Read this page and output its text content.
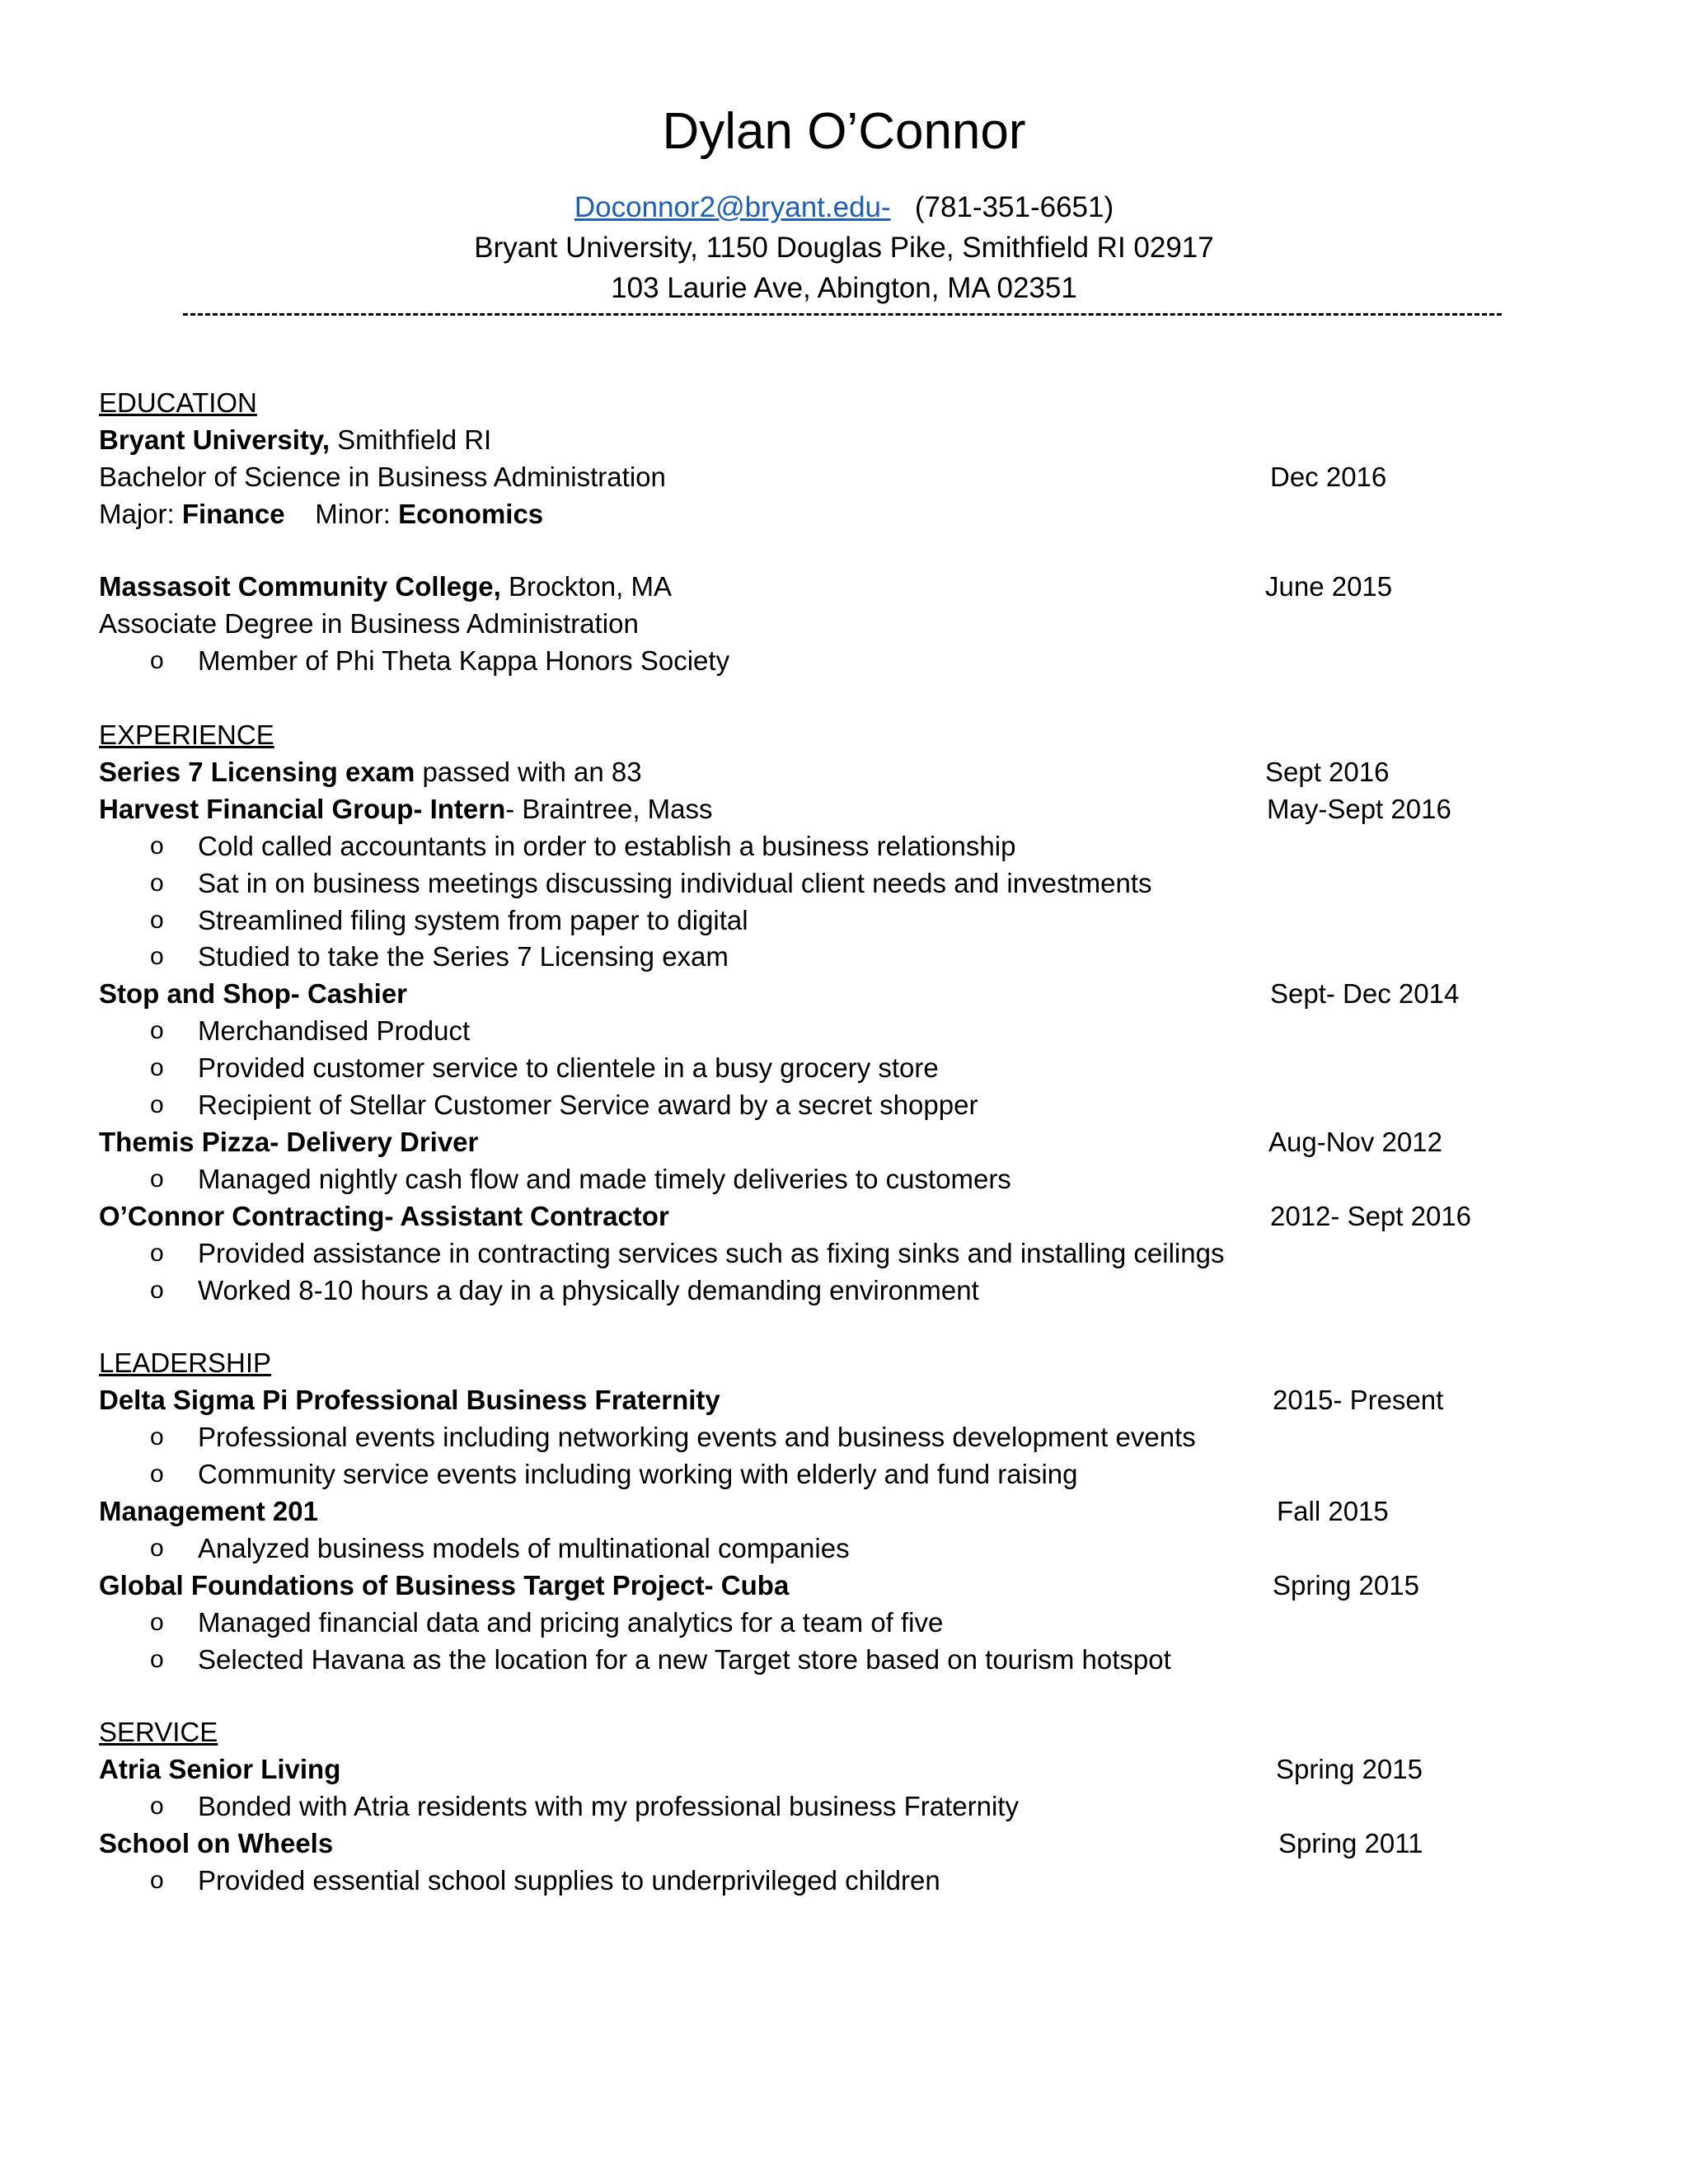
Dylan O’Connor
Doconnor2@bryant.edu- (781-351-6651)
Bryant University, 1150 Douglas Pike, Smithfield RI 02917
103 Laurie Ave, Abington, MA 02351
EDUCATION
Bryant University, Smithfield RI
Bachelor of Science in Business Administration	Dec 2016
Major: Finance Minor: Economics
Massasoit Community College, Brockton, MA	June 2015
Associate Degree in Business Administration
o Member of Phi Theta Kappa Honors Society
EXPERIENCE
Series 7 Licensing exam passed with an 83	Sept 2016
Harvest Financial Group- Intern- Braintree, Mass	May-Sept 2016
o Cold called accountants in order to establish a business relationship
o Sat in on business meetings discussing individual client needs and investments
o Streamlined filing system from paper to digital
o Studied to take the Series 7 Licensing exam
Stop and Shop- Cashier	Sept- Dec 2014
o Merchandised Product
o Provided customer service to clientele in a busy grocery store
o Recipient of Stellar Customer Service award by a secret shopper
Themis Pizza- Delivery Driver	Aug-Nov 2012
o Managed nightly cash flow and made timely deliveries to customers
O’Connor Contracting- Assistant Contractor	2012- Sept 2016
o Provided assistance in contracting services such as fixing sinks and installing ceilings
o Worked 8-10 hours a day in a physically demanding environment
LEADERSHIP
Delta Sigma Pi Professional Business Fraternity	2015- Present
o Professional events including networking events and business development events
o Community service events including working with elderly and fund raising
Management 201	Fall 2015
o Analyzed business models of multinational companies
Global Foundations of Business Target Project- Cuba	Spring 2015
o Managed financial data and pricing analytics for a team of five
o Selected Havana as the location for a new Target store based on tourism hotspot
SERVICE
Atria Senior Living	Spring 2015
o Bonded with Atria residents with my professional business Fraternity
School on Wheels	Spring 2011
o Provided essential school supplies to underprivileged children
